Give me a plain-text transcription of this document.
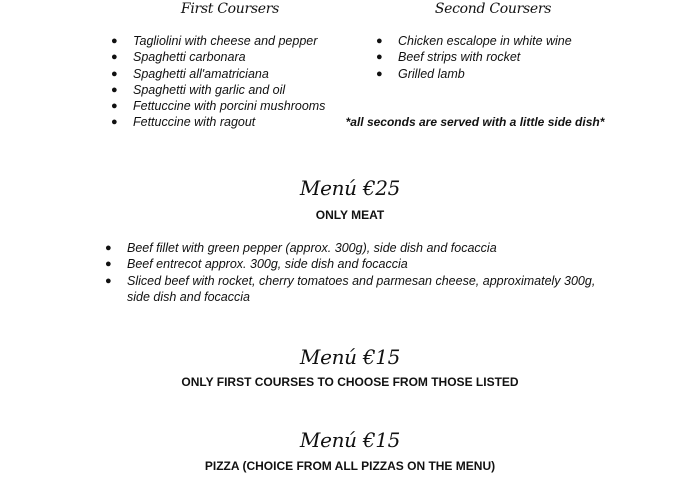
First Coursers	Second Coursers
● Tagliolini with cheese and pepper
● Spaghetti carbonara
● Spaghetti all'amatriciana
● Spaghetti with garlic and oil
● Fettuccine with porcini mushrooms
● Fettuccine with ragout
● Chicken escalope in white wine
● Beef strips with rocket
● Grilled lamb
*all seconds are served with a little side dish*
Menú €25
ONLY MEAT
● Beef fillet with green pepper (approx. 300g), side dish and focaccia
● Beef entrecot approx. 300g, side dish and focaccia
● Sliced beef with rocket, cherry tomatoes and parmesan cheese, approximately 300g, side dish and focaccia
Menú €15
ONLY FIRST COURSES TO CHOOSE FROM THOSE LISTED
Menú €15
PIZZA (CHOICE FROM ALL PIZZAS ON THE MENU)
